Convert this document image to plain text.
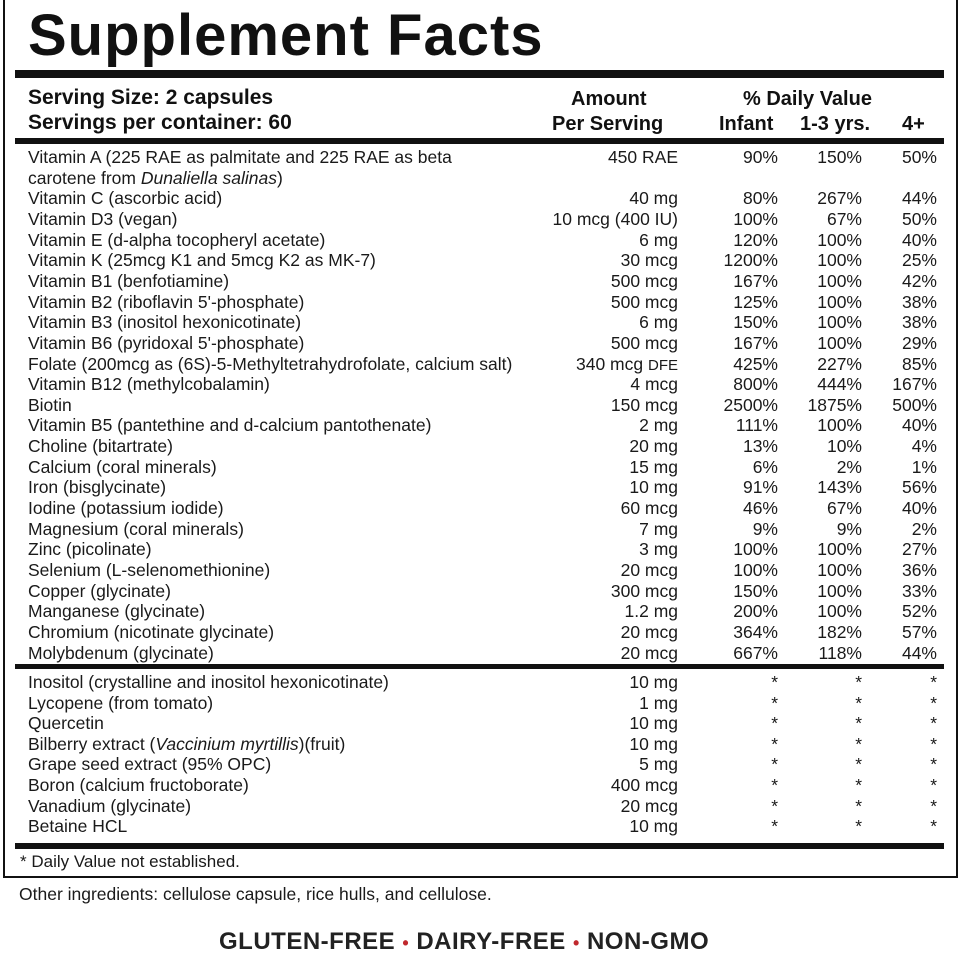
Supplement Facts
Serving Size: 2 capsules
Servings per container: 60
Amount
Per Serving
% Daily Value
Infant 1-3 yrs. 4+
Vitamin A (225 RAE as palmitate and 225 RAE as beta	450 RAE	90% 150% 50%
carotene from Dunaliella salinas)
Vitamin C (ascorbic acid)	40 mg	80% 267% 44%
Vitamin D3 (vegan)	10 mcg (400 IU)	100%	67% 50%
Vitamin E (d-alpha tocopheryl acetate)	6 mg	120% 100% 40%
Vitamin K (25mcg K1 and 5mcg K2 as MK-7)	30 mcg	1200% 100% 25%
Vitamin B1 (benfotiamine)	500 mcg	167% 100% 42%
Vitamin B2 (riboflavin 5'-phosphate)	500 mcg	125% 100% 38%
Vitamin B3 (inositol hexonicotinate)	6 mg	150% 100% 38%
Vitamin B6 (pyridoxal 5'-phosphate)	500 mcg	167% 100% 29%
Folate (200mcg as (6S)-5-Methyltetrahydrofolate, calcium salt)	340 mcg DFE	425% 227% 85%
Vitamin B12 (methylcobalamin)	4 mcg	800% 444% 167%
Biotin	150 mcg	2500% 1875% 500%
Vitamin B5 (pantethine and d-calcium pantothenate)	2 mg	111% 100% 40%
Choline (bitartrate)	20 mg	13%	10%	4%
Calcium (coral minerals)	15 mg	6%	2%	1%
Iron (bisglycinate)	10 mg	91% 143% 56%
Iodine (potassium iodide)	60 mcg	46%	67% 40%
Magnesium (coral minerals)	7 mg	9%	9%	2%
Zinc (picolinate)	3 mg	100% 100% 27%
Selenium (L-selenomethionine)	20 mcg	100% 100% 36%
Copper (glycinate)	300 mcg	150% 100% 33%
Manganese (glycinate)	1.2 mg	200% 100% 52%
Chromium (nicotinate glycinate)	20 mcg	364% 182% 57%
Molybdenum (glycinate)	20 mcg	667% 118% 44%
Inositol (crystalline and inositol hexonicotinate)	10 mg	*	*	*
Lycopene (from tomato)	1 mg	*	*	*
Quercetin	10 mg	*	*	*
Bilberry extract (Vaccinium myrtillis)(fruit)	10 mg	*	*	*
Grape seed extract (95% OPC)	5 mg	*	*	*
Boron (calcium fructoborate)	400 mcg	*	*	*
Vanadium (glycinate)	20 mcg	*	*	*
Betaine HCL	10 mg	*	*	*
* Daily Value not established.
Other ingredients: cellulose capsule, rice hulls, and cellulose.
GLUTEN-FREE • DAIRY-FREE • NON-GMO
